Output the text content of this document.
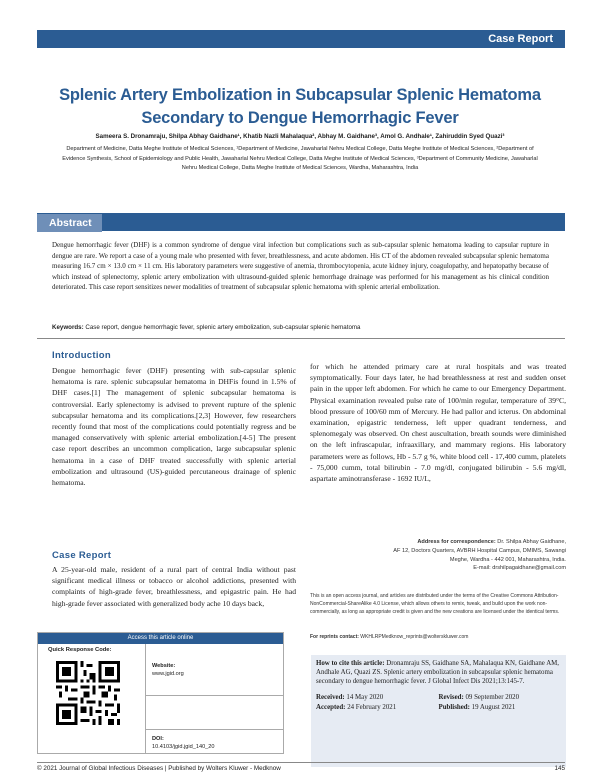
Case Report
Splenic Artery Embolization in Subcapsular Splenic Hematoma Secondary to Dengue Hemorrhagic Fever
Sameera S. Dronamraju, Shilpa Abhay Gaidhane¹, Khatib Nazli Mahalaqua², Abhay M. Gaidhane³, Amol G. Andhale¹, Zahiruddin Syed Quazi³
Department of Medicine, Datta Meghe Institute of Medical Sciences, ¹Department of Medicine, Jawaharlal Nehru Medical College, Datta Meghe Institute of Medical Sciences, ²Department of Evidence Synthesis, School of Epidemiology and Public Health, Jawaharlal Nehru Medical College, Datta Meghe Institute of Medical Sciences, ³Department of Community Medicine, Jawaharlal Nehru Medical College, Datta Meghe Institute of Medical Sciences, Wardha, Maharashtra, India
Abstract
Dengue hemorrhagic fever (DHF) is a common syndrome of dengue viral infection but complications such as sub-capsular splenic hematoma leading to capsular rupture in dengue are rare. We report a case of a young male who presented with fever, breathlessness, and acute abdomen. His CT of the abdomen revealed subcapsular splenic hematoma measuring 16.7 cm × 13.0 cm × 11 cm. His laboratory parameters were suggestive of anemia, thrombocytopenia, acute kidney injury, coagulopathy, and hepatopathy because of which instead of splenectomy, splenic artery embolization with ultrasound-guided splenic hemorrhage drainage was performed for his management as his clinical condition deteriorated. This case report sensitizes newer modalities of treatment of subcapsular splenic hematoma with splenic arterial embolization.
Keywords: Case report, dengue hemorrhagic fever, splenic artery embolization, sub-capsular splenic hematoma
Introduction
Dengue hemorrhagic fever (DHF) presenting with sub-capsular splenic hematoma is rare. splenic subcapsular hematoma in DHFis found in 1.5% of DHF cases.[1] The management of splenic subcapsular hematoma is controversial. Early splenectomy is advised to prevent rupture of the splenic subcapsular hematoma and its complications.[2,3] However, few researchers recently found that most of the complications could potentially regress and be managed conservatively with splenic arterial embolization.[4-5] The present case report describes an uncommon complication, large subcapsular splenic hematoma in a case of DHF treated successfully with splenic arterial embolization and ultrasound (US)-guided percutaneous drainage of splenic hematoma.
Case Report
A 25-year-old male, resident of a rural part of central India without past significant medical illness or tobacco or alcohol addictions, presented with complaints of high-grade fever, breathlessness, and epigastric pain. He had high-grade fever associated with generalized body ache 10 days back,
for which he attended primary care at rural hospitals and was treated symptomatically. Four days later, he had breathlessness at rest and sudden onset pain in the upper left abdomen. For which he came to our Emergency Department. Physical examination revealed pulse rate of 100/min regular, temperature of 39°C, blood pressure of 100/60 mm of Mercury. He had pallor and icterus. On abdominal examination, epigastric tenderness, left upper quadrant tenderness, and splenomegaly was observed. On chest auscultation, breath sounds were diminished on the left infrascapular, infraaxillary, and mammary regions. His laboratory parameters were as follows, Hb - 5.7 g %, white blood cell - 17,400 cumm, platelets - 75,000 cumm, total bilirubin - 7.0 mg/dl, conjugated bilirubin - 5.6 mg/dl, aspartate aminotransferase - 1692 IU/L,
Address for correspondence: Dr. Shilpa Abhay Gaidhane,
AF 12, Doctors Quarters, AVBRH Hospital Campus, DMIMS, Sawangi
Meghe, Wardha - 442 001, Maharashtra, India.
E-mail: drshilpagaidhane@gmail.com
This is an open access journal, and articles are distributed under the terms of the Creative Commons Attribution-NonCommercial-ShareAlike 4.0 License, which allows others to remix, tweak, and build upon the work non-commercially, as long as appropriate credit is given and the new creations are licensed under the identical terms.
For reprints contact: WKHLRPMedknow_reprints@wolterskluwer.com
How to cite this article: Dronamraju SS, Gaidhane SA, Mahalaqua KN, Gaidhane AM, Andhale AG, Quazi ZS. Splenic artery embolization in subcapsular splenic hematoma secondary to dengue hemorrhagic fever. J Global Infect Dis 2021;13:145-7.
Received: 14 May 2020	Revised: 09 September 2020
Accepted: 24 February 2021	Published: 19 August 2021
Access this article online
Quick Response Code:
Website:
www.jgid.org
DOI:
10.4103/jgid.jgid_140_20
© 2021 Journal of Global Infectious Diseases | Published by Wolters Kluwer - Medknow	145
